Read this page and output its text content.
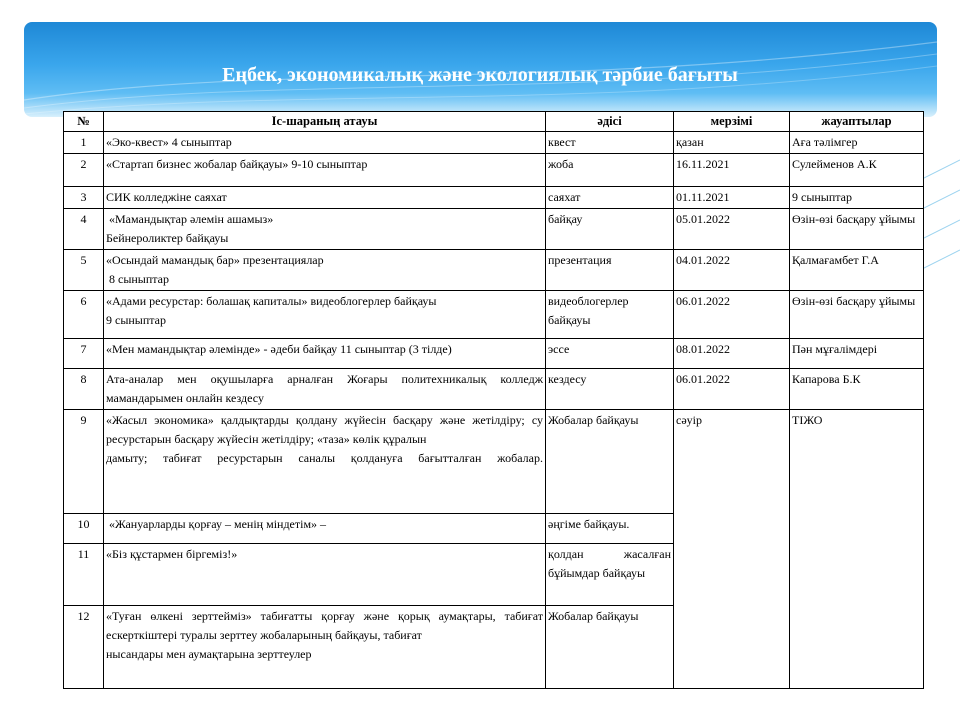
Еңбек, экономикалық және экологиялық тәрбие бағыты
№	Іс-шараның атауы	әдісі	мерзімі	жауаптылар
1	«Эко-квест» 4 сыныптар	квест	қазан	Аға тәлімгер
2	«Стартап бизнес жобалар байқауы» 9-10 сыныптар	жоба	16.11.2021	Сулейменов А.К
3	СИК колледжіне саяхат	саяхат	01.11.2021	9 сыныптар
4	«Мамандықтар әлемін ашамыз»
Бейнероликтер байқауы	байқау	05.01.2022	Өзін-өзі басқару ұйымы
5	«Осындай мамандық бар» презентациялар
8 сыныптар	презентация	04.01.2022	Қалмағамбет Г.А
6	«Адами ресурстар: болашақ капиталы» видеоблогерлер байқауы
9 сыныптар	видеоблогерлер байқауы	06.01.2022	Өзін-өзі басқару ұйымы
7	«Мен мамандықтар әлемінде» - әдеби байқау 11 сыныптар (3 тілде)	эссе	08.01.2022	Пән мұғалімдері
8	Ата-аналар мен оқушыларға арналған Жоғары политехникалық колледж мамандарымен онлайн кездесу	кездесу	06.01.2022	Капарова Б.К
9	«Жасыл экономика» қалдықтарды қолдану жүйесін басқару және жетілдіру; су ресурстарын басқару жүйесін жетілдіру; «таза» көлік құралын
дамыту; табиғат ресурстарын саналы қолдануға бағытталған жобалар.	Жобалар байқауы	сәуір	ТІЖО
10	«Жануарларды қорғау – менің міндетім» –	әңгіме байқауы.		
11	«Біз құстармен біргеміз!»	қолдан жасалған бұйымдар байқауы		
12	«Туған өлкені зерттейміз» табиғатты қорғау және қорық аумақтары, табиғат ескерткіштері туралы зерттеу жобаларының байқауы, табиғат
нысандары мен аумақтарына зерттеулер	Жобалар байқауы		
